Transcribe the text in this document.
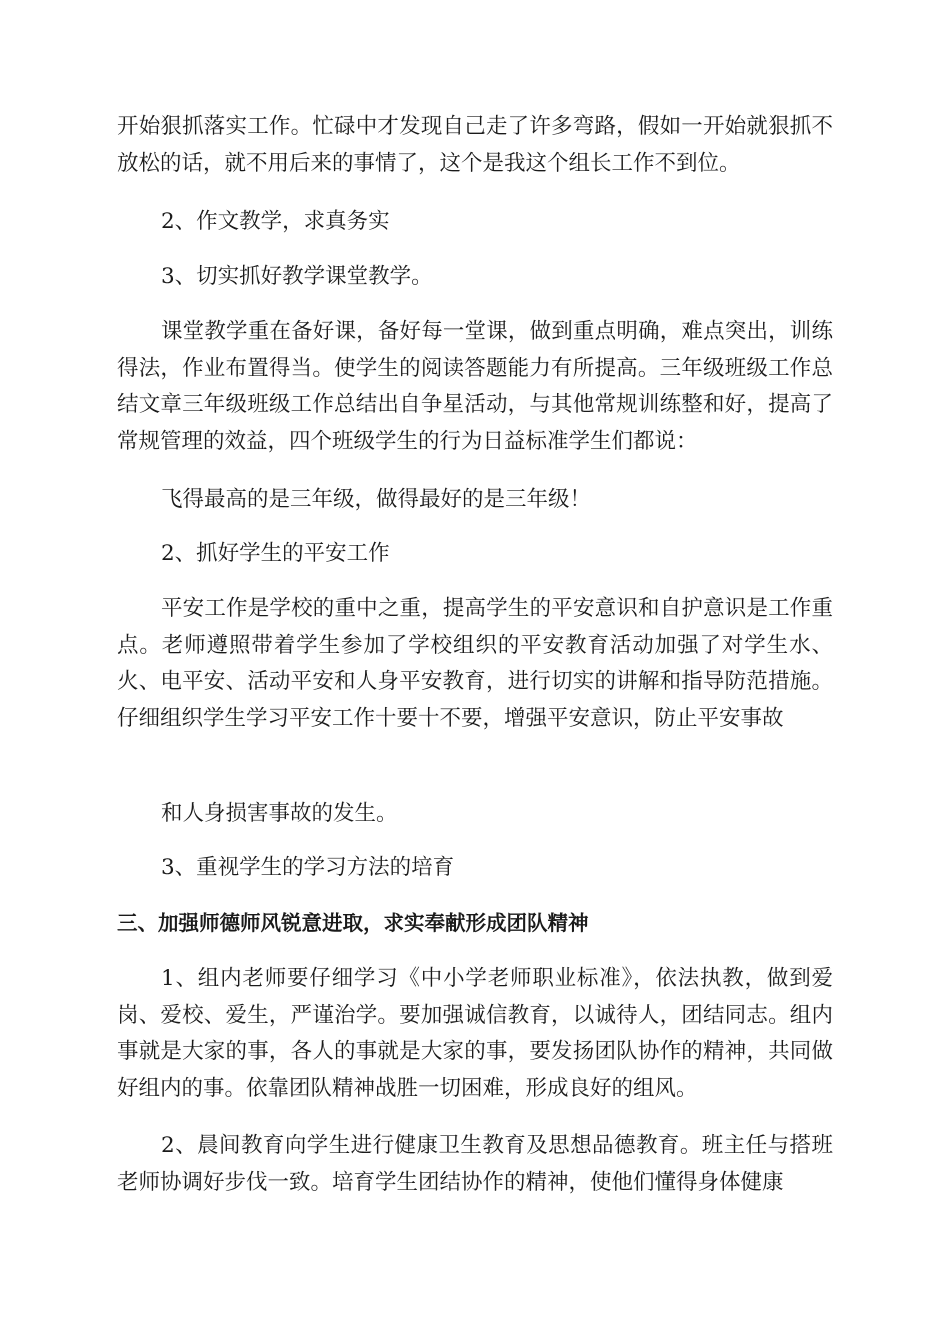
开始狠抓落实工作。忙碌中才发现自己走了许多弯路，假如一开始就狠抓不放松的话，就不用后来的事情了，这个是我这个组长工作不到位。

2、作文教学，求真务实

3、切实抓好教学课堂教学。

课堂教学重在备好课，备好每一堂课，做到重点明确，难点突出，训练得法，作业布置得当。使学生的阅读答题能力有所提高。三年级班级工作总结文章三年级班级工作总结出自争星活动，与其他常规训练整和好，提高了常规管理的效益，四个班级学生的行为日益标准学生们都说：

飞得最高的是三年级，做得最好的是三年级！

2、抓好学生的平安工作

平安工作是学校的重中之重，提高学生的平安意识和自护意识是工作重点。老师遵照带着学生参加了学校组织的平安教育活动加强了对学生水、火、电平安、活动平安和人身平安教育，进行切实的讲解和指导防范措施。仔细组织学生学习平安工作十要十不要，增强平安意识，防止平安事故

和人身损害事故的发生。

3、重视学生的学习方法的培育

三、加强师德师风锐意进取，求实奉献形成团队精神

1、组内老师要仔细学习《中小学老师职业标准》，依法执教，做到爱岗、爱校、爱生，严谨治学。要加强诚信教育，以诚待人，团结同志。组内事就是大家的事，各人的事就是大家的事，要发扬团队协作的精神，共同做好组内的事。依靠团队精神战胜一切困难，形成良好的组风。

2、晨间教育向学生进行健康卫生教育及思想品德教育。班主任与搭班老师协调好步伐一致。培育学生团结协作的精神，使他们懂得身体健康
